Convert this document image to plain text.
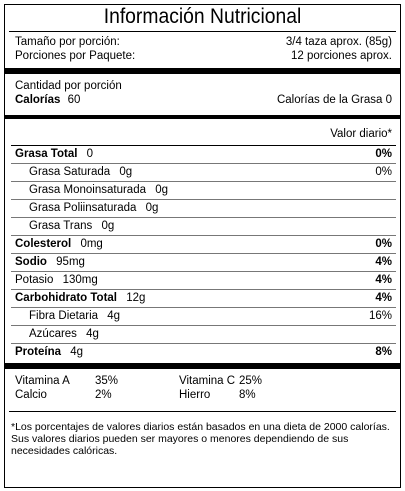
Información Nutricional
Tamaño por porción:	3/4 taza aprox. (85g)
Porciones por Paquete:	12 porciones aprox.
Cantidad por porción
Calorías 60	Calorías de la Grasa 0
Valor diario*
Grasa Total 0	0%
Grasa Saturada 0g	0%
Grasa Monoinsaturada 0g
Grasa Poliinsaturada 0g
Grasa Trans 0g
Colesterol 0mg	0%
Sodio 95mg	4%
Potasio 130mg	4%
Carbohidrato Total 12g	4%
Fibra Dietaria 4g	16%
Azúcares 4g
Proteína 4g	8%
Vitamina A 35%	Vitamina C 25%
Calcio	2%	Hierro 8%
*Los porcentajes de valores diarios están basados en una dieta de 2000 calorías. Sus valores diarios pueden ser mayores o menores dependiendo de sus necesidades calóricas.
